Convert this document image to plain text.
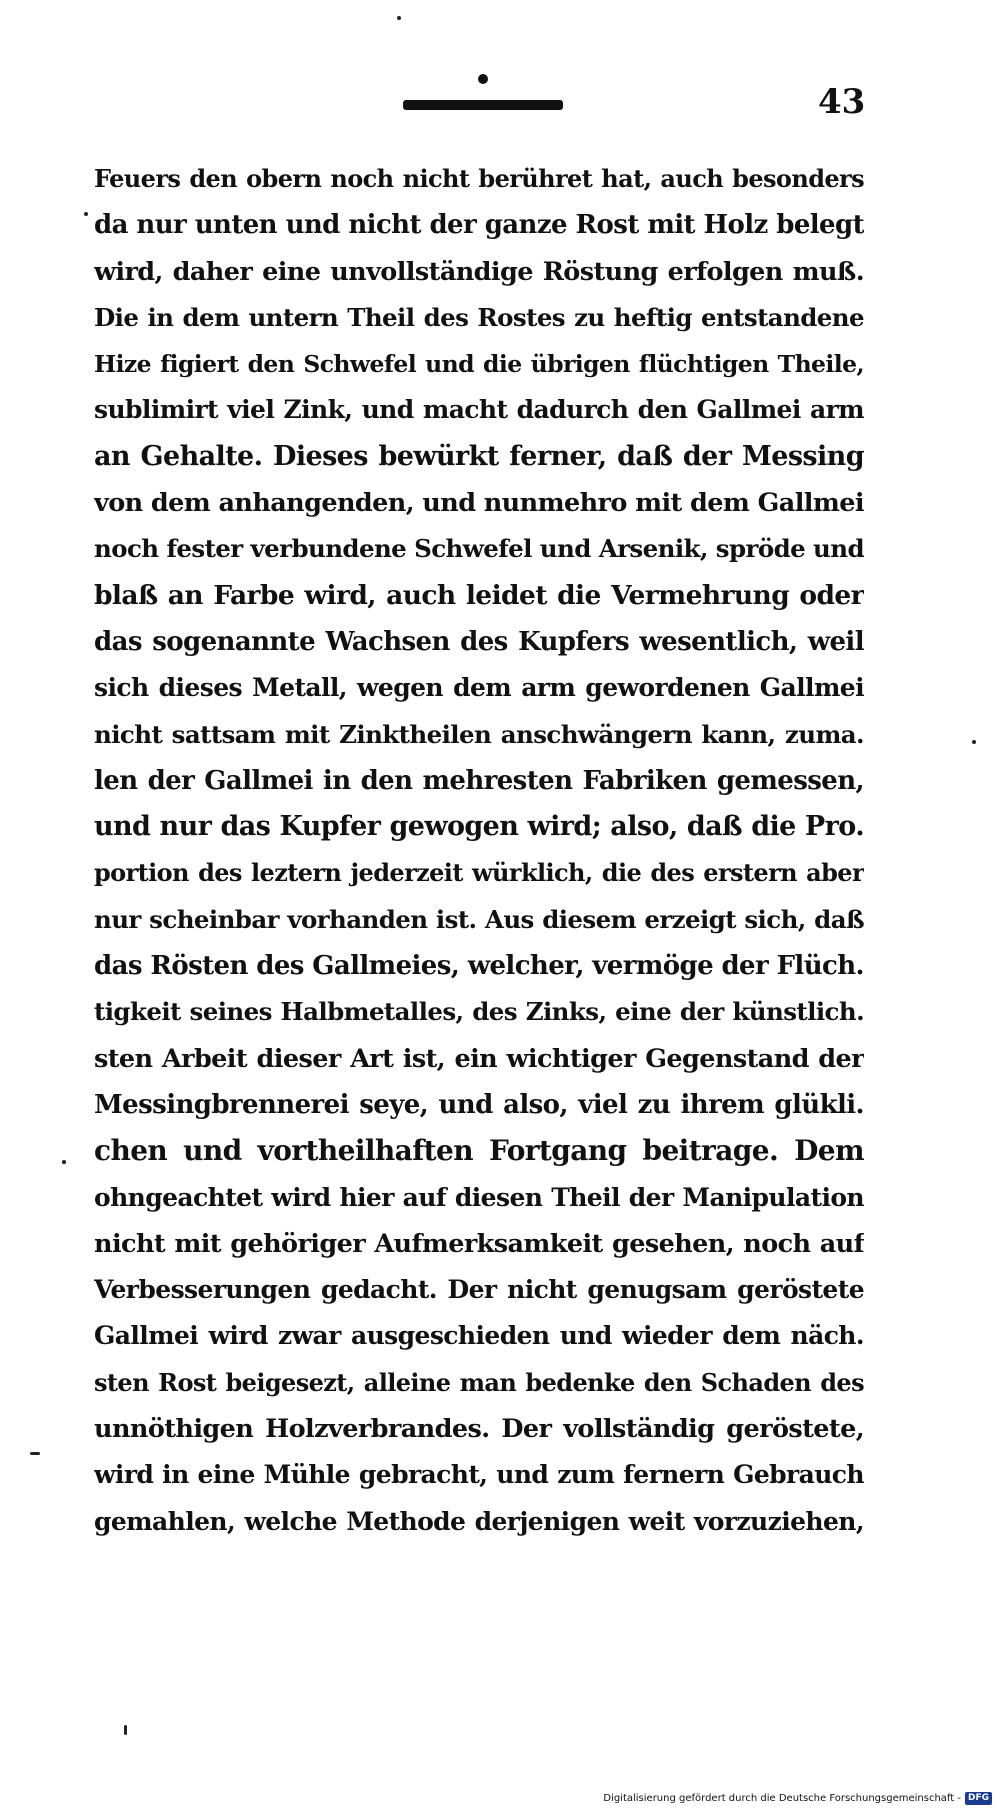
43
Feuers den obern noch nicht berühret hat, auch besonders
da nur unten und nicht der ganze Rost mit Holz belegt
wird, daher eine unvollständige Röstung erfolgen muß.
Die in dem untern Theil des Rostes zu heftig entstandene
Hize figiert den Schwefel und die übrigen flüchtigen Theile,
sublimirt viel Zink, und macht dadurch den Gallmei arm
an Gehalte. Dieses bewürkt ferner, daß der Messing
von dem anhangenden, und nunmehro mit dem Gallmei
noch fester verbundene Schwefel und Arsenik, spröde und
blaß an Farbe wird, auch leidet die Vermehrung oder
das sogenannte Wachsen des Kupfers wesentlich, weil
sich dieses Metall, wegen dem arm gewordenen Gallmei
nicht sattsam mit Zinktheilen anschwängern kann, zuma.
len der Gallmei in den mehresten Fabriken gemessen,
und nur das Kupfer gewogen wird; also, daß die Pro.
portion des leztern jederzeit würklich, die des erstern aber
nur scheinbar vorhanden ist. Aus diesem erzeigt sich, daß
das Rösten des Gallmeies, welcher, vermöge der Flüch.
tigkeit seines Halbmetalles, des Zinks, eine der künstlich.
sten Arbeit dieser Art ist, ein wichtiger Gegenstand der
Messingbrennerei seye, und also, viel zu ihrem glükli.
chen und vortheilhaften Fortgang beitrage. Dem
ohngeachtet wird hier auf diesen Theil der Manipulation
nicht mit gehöriger Aufmerksamkeit gesehen, noch auf
Verbesserungen gedacht. Der nicht genugsam geröstete
Gallmei wird zwar ausgeschieden und wieder dem näch.
sten Rost beigesezt, alleine man bedenke den Schaden des
unnöthigen Holzverbrandes. Der vollständig geröstete,
wird in eine Mühle gebracht, und zum fernern Gebrauch
gemahlen, welche Methode derjenigen weit vorzuziehen,
Digitalisierung gefördert durch die Deutsche Forschungsgemeinschaft - DFG
